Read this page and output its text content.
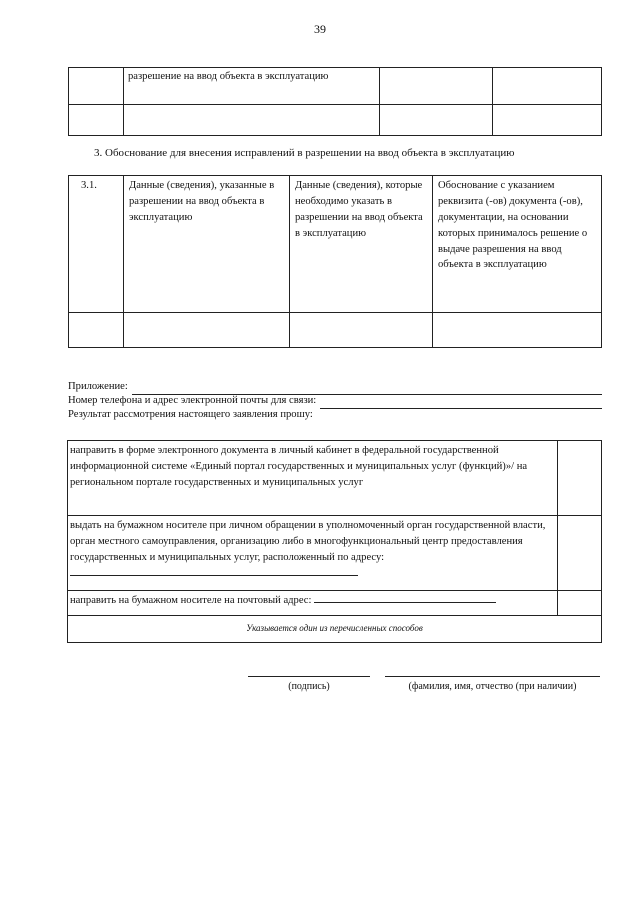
39
	разрешение на ввод объекта в эксплуатацию		

3. Обоснование для внесения исправлений в разрешении на ввод объекта в эксплуатацию
3.1.	Данные (сведения), указанные в разрешении на ввод объекта в эксплуатацию	Данные (сведения), которые необходимо указать в разрешении на ввод объекта в эксплуатацию	Обоснование с указанием реквизита (-ов) документа (-ов), документации, на основании которых принималось решение о выдаче разрешения на ввод объекта в эксплуатацию

Приложение:
Номер телефона и адрес электронной почты для связи:
Результат рассмотрения настоящего заявления прошу:
направить в форме электронного документа в личный кабинет в федеральной государственной информационной системе «Единый портал государственных и муниципальных услуг (функций)»/ на региональном портале государственных и муниципальных услуг	
выдать на бумажном носителе при личном обращении в уполномоченный орган государственной власти, орган местного самоуправления, организацию либо в многофункциональный центр предоставления государственных и муниципальных услуг, расположенный по адресу:	
направить на бумажном носителе на почтовый адрес:	
Указывается один из перечисленных способов	
(подпись)	(фамилия, имя, отчество (при наличии)
